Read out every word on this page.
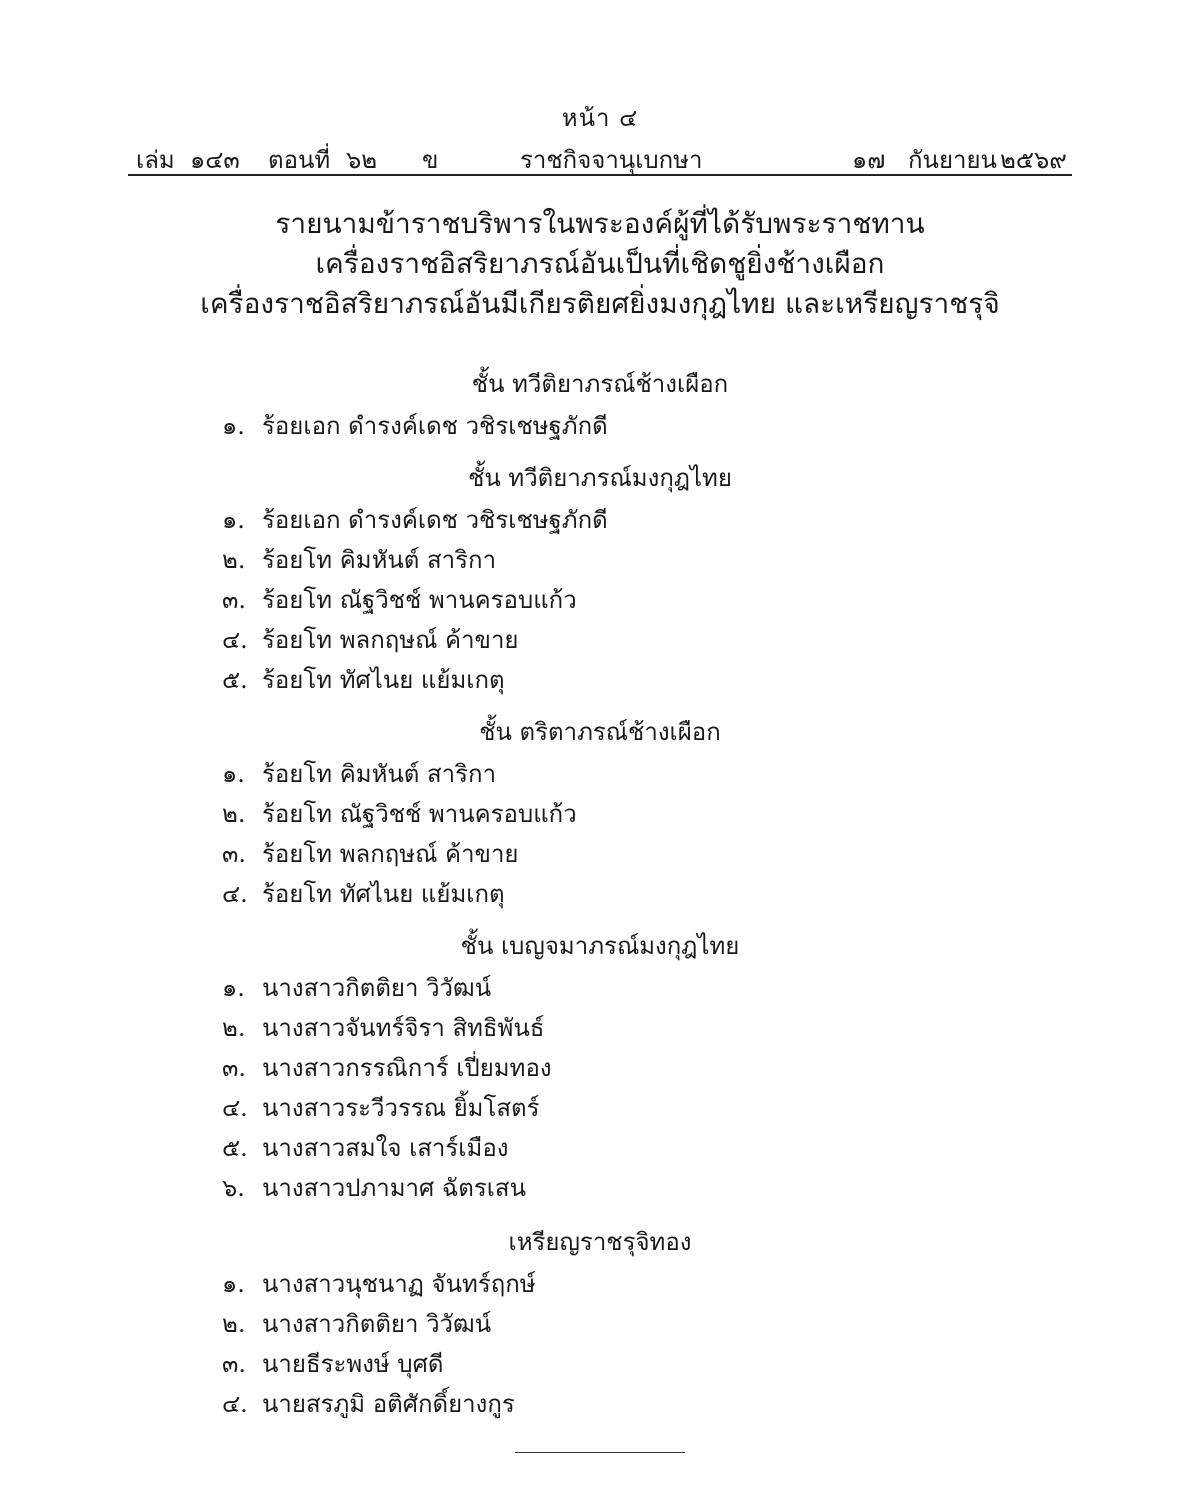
หน้า ๔
เล่ม ๑๔๓ ตอนที่ ๖๒ ข	ราชกิจจานุเบกษา	๑๗ กันยายน ๒๕๖๙
รายนามข้าราชบริพารในพระองค์ผู้ที่ได้รับพระราชทาน
เครื่องราชอิสริยาภรณ์อันเป็นที่เชิดชูยิ่งช้างเผือก
เครื่องราชอิสริยาภรณ์อันมีเกียรติยศยิ่งมงกุฎไทย และเหรียญราชรุจิ
ชั้น ทวีติยาภรณ์ช้างเผือก
๑. ร้อยเอก ดำรงค์เดช วชิรเชษฐภักดี
ชั้น ทวีติยาภรณ์มงกุฎไทย
๑. ร้อยเอก ดำรงค์เดช วชิรเชษฐภักดี
๒. ร้อยโท คิมหันต์ สาริกา
๓. ร้อยโท ณัฐวิชช์ พานครอบแก้ว
๔. ร้อยโท พลกฤษณ์ ค้าขาย
๕. ร้อยโท ทัศไนย แย้มเกตุ
ชั้น ตริตาภรณ์ช้างเผือก
๑. ร้อยโท คิมหันต์ สาริกา
๒. ร้อยโท ณัฐวิชช์ พานครอบแก้ว
๓. ร้อยโท พลกฤษณ์ ค้าขาย
๔. ร้อยโท ทัศไนย แย้มเกตุ
ชั้น เบญจมาภรณ์มงกุฎไทย
๑. นางสาวกิตติยา วิวัฒน์
๒. นางสาวจันทร์จิรา สิทธิพันธ์
๓. นางสาวกรรณิการ์ เปี่ยมทอง
๔. นางสาวระวีวรรณ ยิ้มโสตร์
๕. นางสาวสมใจ เสาร์เมือง
๖. นางสาวปภามาศ ฉัตรเสน
เหรียญราชรุจิทอง
๑. นางสาวนุชนาฏ จันทร์ฤกษ์
๒. นางสาวกิตติยา วิวัฒน์
๓. นายธีระพงษ์ บุศดี
๔. นายสรภูมิ อติศักดิ์ยางกูร
